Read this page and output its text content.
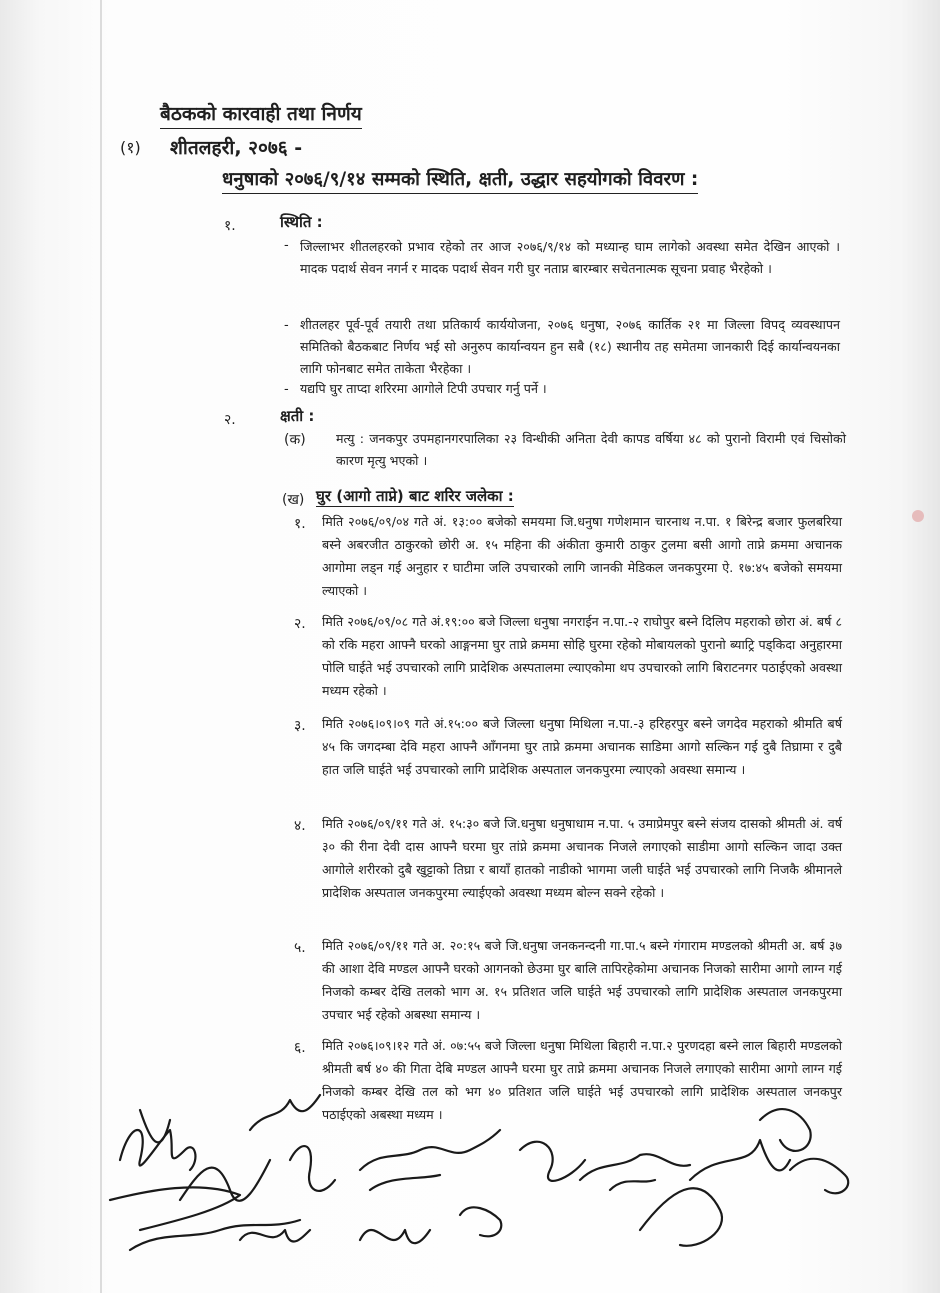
बैठकको कारवाही तथा निर्णय
(१) शीतलहरी, २०७६ -
धनुषाको २०७६/९/१४ सम्मको स्थिति, क्षती, उद्धार सहयोगको विवरण :
१.	स्थिति :
- जिल्लाभर शीतलहरको प्रभाव रहेको तर आज २०७६/९/१४ को मध्यान्ह घाम लागेको अवस्था समेत देखिन आएको । मादक पदार्थ सेवन नगर्न र मादक पदार्थ सेवन गरी घुर नताप्न बारम्बार सचेतनात्मक सूचना प्रवाह भैरहेको ।
- शीतलहर पूर्व-पूर्व तयारी तथा प्रतिकार्य कार्ययोजना, २०७६ धनुषा, २०७६ कार्तिक २१ मा जिल्ला विपद् व्यवस्थापन समितिको बैठकबाट निर्णय भई सो अनुरुप कार्यान्वयन हुन सबै (१८) स्थानीय तह समेतमा जानकारी दिई कार्यान्वयनका लागि फोनबाट समेत ताकेता भैरहेका ।
- यद्यपि घुर ताप्दा शरिरमा आगोले टिपी उपचार गर्नु पर्ने ।
२.	क्षती :
(क) मत्यु : जनकपुर उपमहानगरपालिका २३ विन्धीकी अनिता देवी कापड वर्षिया ४८ को पुरानो विरामी एवं चिसोको कारण मृत्यु भएको ।
(ख) घुर (आगो ताप्ने) बाट शरिर जलेका :
१. मिति २०७६/०९/०४ गते अं. १३:०० बजेको समयमा जि.धनुषा गणेशमान चारनाथ न.पा. १ बिरेन्द्र बजार फुलबरिया बस्ने अबरजीत ठाकुरको छोरी अ. १५ महिना की अंकीता कुमारी ठाकुर टुलमा बसी आगो ताप्ने क्रममा अचानक आगोमा लड्न गई अनुहार र घाटीमा जलि उपचारको लागि जानकी मेडिकल जनकपुरमा ऐ. १७:४५ बजेको समयमा ल्याएको ।
२. मिति २०७६/०९/०८ गते अं.१९:०० बजे जिल्ला धनुषा नगराईन न.पा.-२ राघोपुर बस्ने दिलिप महराको छोरा अं. बर्ष ८ को रकि महरा आफ्नै घरको आङ्गनमा घुर ताप्ने क्रममा सोहि घुरमा रहेको मोबायलको पुरानो ब्याट्रि पड्किदा अनुहारमा पोलि घाईते भई उपचारको लागि प्रादेशिक अस्पतालमा ल्याएकोमा थप उपचारको लागि बिराटनगर पठाईएको अवस्था मध्यम रहेको ।
३. मिति २०७६।०९।०९ गते अं.१५:०० बजे जिल्ला धनुषा मिथिला न.पा.-३ हरिहरपुर बस्ने जगदेव महराको श्रीमति बर्ष ४५ कि जगदम्बा देवि महरा आफ्नै आँगनमा घुर ताप्ने क्रममा अचानक साडिमा आगो सल्किन गई दुबै तिघ्रामा र दुबै हात जलि घाईते भई उपचारको लागि प्रादेशिक अस्पताल जनकपुरमा ल्याएको अवस्था समान्य ।
४. मिति २०७६/०९/११ गते अं. १५:३० बजे जि.धनुषा धनुषाधाम न.पा. ५ उमाप्रेमपुर बस्ने संजय दासको श्रीमती अं. वर्ष ३० की रीना देवी दास आफ्नै घरमा घुर तांप्ने क्रममा अचानक निजले लगाएको साडीमा आगो सल्किन जादा उक्त आगोले शरीरको दुबै खुट्टाको तिघ्रा र बायाँ हातको नाडीको भागमा जली घाईते भई उपचारको लागि निजकै श्रीमानले प्रादेशिक अस्पताल जनकपुरमा ल्याईएको अवस्था मध्यम बोल्न सक्ने रहेको ।
५. मिति २०७६/०९/११ गते अ. २०:१५ बजे जि.धनुषा जनकनन्दनी गा.पा.५ बस्ने गंगाराम मण्डलको श्रीमती अ. बर्ष ३७ की आशा देवि मण्डल आफ्नै घरको आगनको छेउमा घुर बालि तापिरहेकोमा अचानक निजको सारीमा आगो लाग्न गई निजको कम्बर देखि तलको भाग अ. १५ प्रतिशत जलि घाईते भई उपचारको लागि प्रादेशिक अस्पताल जनकपुरमा उपचार भई रहेको अबस्था समान्य ।
६. मिति २०७६।०९।१२ गते अं. ०७:५५ बजे जिल्ला धनुषा मिथिला बिहारी न.पा.२ पुरणदहा बस्ने लाल बिहारी मण्डलको श्रीमती बर्ष ४० की गिता देबि मण्डल आफ्नै घरमा घुर ताप्ने क्रममा अचानक निजले लगाएको सारीमा आगो लाग्न गई निजको कम्बर देखि तल को भग ४० प्रतिशत जलि घाईते भई उपचारको लागि प्रादेशिक अस्पताल जनकपुर पठाईएको अबस्था मध्यम ।
